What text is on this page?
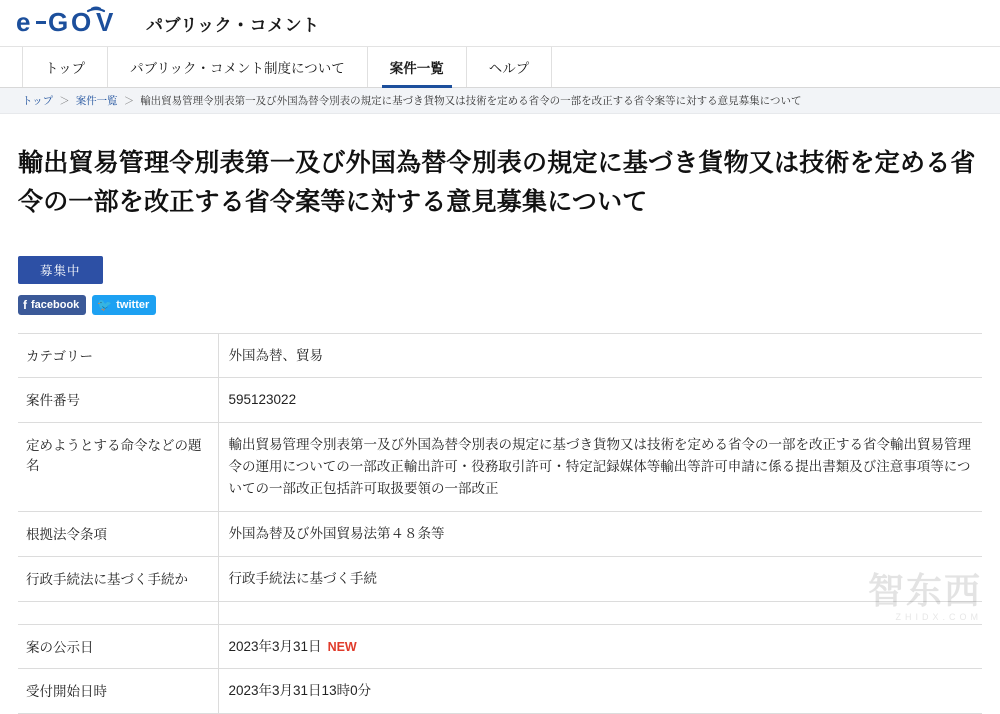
e G O V パブリック・コメント
トップ	パブリック・コメント制度について	案件一覧	ヘルプ
トップ ＞ 案件一覧 ＞ 輸出貿易管理令別表第一及び外国為替令別表の規定に基づき貨物又は技術を定める省令の一部を改正する省令案等に対する意見募集について
輸出貿易管理令別表第一及び外国為替令別表の規定に基づき貨物又は技術を定める省令の一部を改正する省令案等に対する意見募集について
募集中
f facebook 🐦 twitter
カテゴリー	外国為替、貿易
案件番号	595123022
定めようとする命令などの題名	輸出貿易管理令別表第一及び外国為替令別表の規定に基づき貨物又は技術を定める省令の一部を改正する省令輸出貿易管理令の運用についての一部改正輸出許可・役務取引許可・特定記録媒体等輸出等許可申請に係る提出書類及び注意事項等についての一部改正包括許可取扱要領の一部改正
根拠法令条項	外国為替及び外国貿易法第４８条等
行政手続法に基づく手続か	行政手続法に基づく手続

案の公示日	2023年3月31日 NEW
受付開始日時	2023年3月31日13時0分
智东西
ZHIDX.COM
